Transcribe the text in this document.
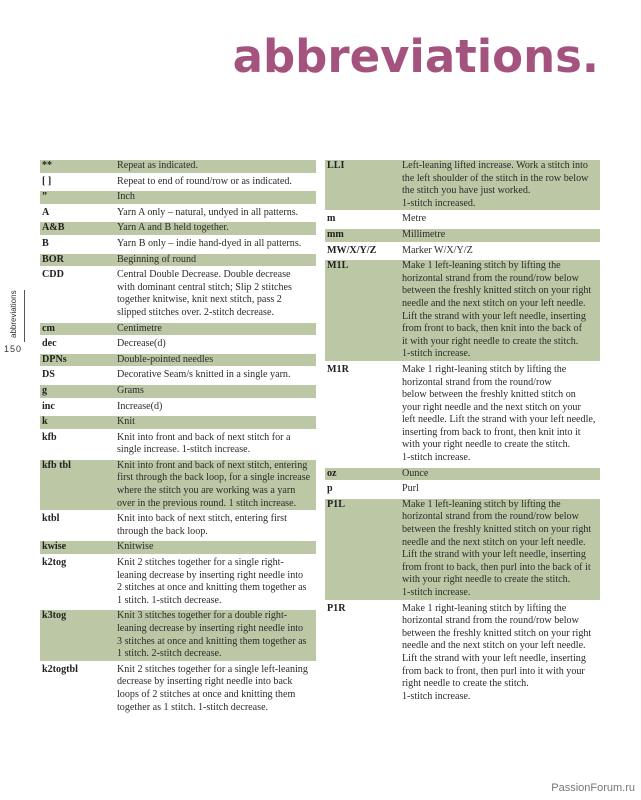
abbreviations.
abbreviations
150
**	Repeat as indicated.
[ ]	Repeat to end of round/row or as indicated.
”	Inch
A	Yarn A only – natural, undyed in all patterns.
A&B	Yarn A and B held together.
B	Yarn B only – indie hand-dyed in all patterns.
BOR	Beginning of round
CDD	Central Double Decrease. Double decrease
with dominant central stitch; Slip 2 stitches
together knitwise, knit next stitch, pass 2
slipped stitches over. 2-stitch decrease.
cm	Centimetre
dec	Decrease(d)
DPNs	Double-pointed needles
DS	Decorative Seam/s knitted in a single yarn.
g	Grams
inc	Increase(d)
k	Knit
kfb	Knit into front and back of next stitch for a
single increase. 1-stitch increase.
kfb tbl	Knit into front and back of next stitch, entering
first through the back loop, for a single increase
where the stitch you are working was a yarn
over in the previous round. 1 stitch increase.
ktbl	Knit into back of next stitch, entering first
through the back loop.
kwise	Knitwise
k2tog	Knit 2 stitches together for a single right-
leaning decrease by inserting right needle into
2 stitches at once and knitting them together as
1 stitch. 1-stitch decrease.
k3tog	Knit 3 stitches together for a double right-
leaning decrease by inserting right needle into
3 stitches at once and knitting them together as
1 stitch. 2-stitch decrease.
k2togtbl	Knit 2 stitches together for a single left-leaning
decrease by inserting right needle into back
loops of 2 stitches at once and knitting them
together as 1 stitch. 1-stitch decrease.
LLI	Left-leaning lifted increase. Work a stitch into
the left shoulder of the stitch in the row below
the stitch you have just worked.
1-stitch increased.
m	Metre
mm	Millimetre
MW/X/Y/Z	Marker W/X/Y/Z
M1L	Make 1 left-leaning stitch by lifting the
horizontal strand from the round/row below
between the freshly knitted stitch on your right
needle and the next stitch on your left needle.
Lift the strand with your left needle, inserting
from front to back, then knit into the back of
it with your right needle to create the stitch.
1-stitch increase.
M1R	Make 1 right-leaning stitch by lifting the
horizontal strand from the round/row
below between the freshly knitted stitch on
your right needle and the next stitch on your
left needle. Lift the strand with your left needle,
inserting from back to front, then knit into it
with your right needle to create the stitch.
1-stitch increase.
oz	Ounce
p	Purl
P1L	Make 1 left-leaning stitch by lifting the
horizontal strand from the round/row below
between the freshly knitted stitch on your right
needle and the next stitch on your left needle.
Lift the strand with your left needle, inserting
from front to back, then purl into the back of it
with your right needle to create the stitch.
1-stitch increase.
P1R	Make 1 right-leaning stitch by lifting the
horizontal strand from the round/row below
between the freshly knitted stitch on your right
needle and the next stitch on your left needle.
Lift the strand with your left needle, inserting
from back to front, then purl into it with your
right needle to create the stitch.
1-stitch increase.
PassionForum.ru
